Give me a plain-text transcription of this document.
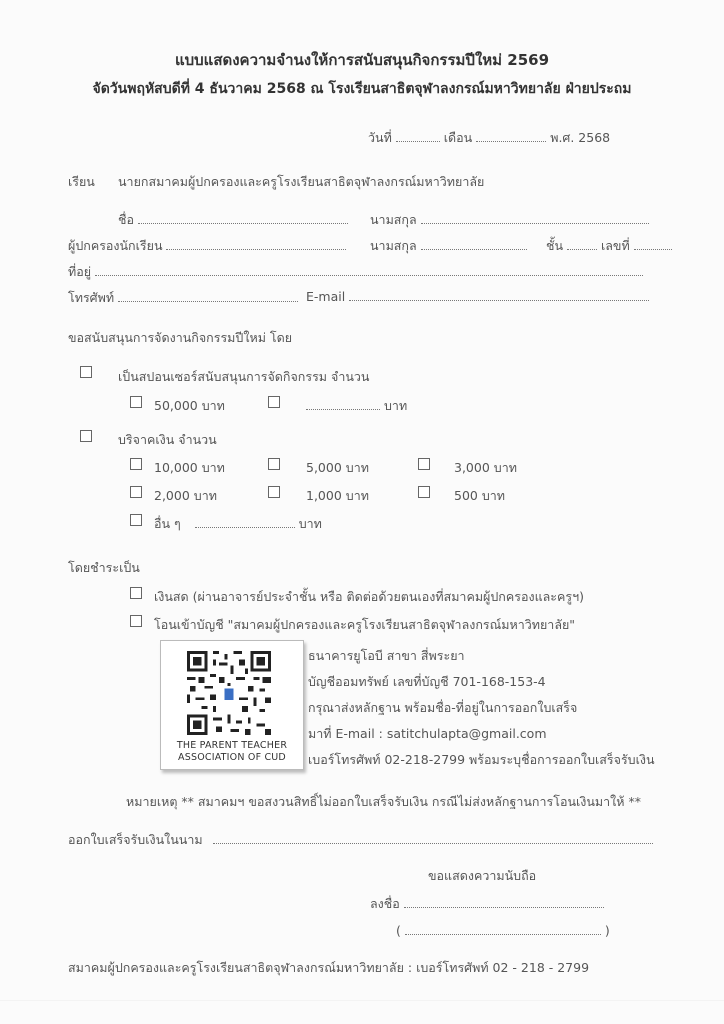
แบบแสดงความจำนงให้การสนับสนุนกิจกรรมปีใหม่ 2569
จัดวันพฤหัสบดีที่ 4 ธันวาคม 2568 ณ โรงเรียนสาธิตจุฬาลงกรณ์มหาวิทยาลัย ฝ่ายประถม
วันที่	เดือน	พ.ศ. 2568
เรียน นายกสมาคมผู้ปกครองและครูโรงเรียนสาธิตจุฬาลงกรณ์มหาวิทยาลัย
ชื่อ	นามสกุล
ผู้ปกครองนักเรียน	นามสกุล	ชั้น	เลขที่
ที่อยู่
โทรศัพท์	E-mail
ขอสนับสนุนการจัดงานกิจกรรมปีใหม่ โดย
เป็นสปอนเซอร์สนับสนุนการจัดกิจกรรม จำนวน
50,000 บาท	บาท
บริจาคเงิน จำนวน
10,000 บาท	5,000 บาท	3,000 บาท
2,000 บาท	1,000 บาท	500 บาท
อื่น ๆ	บาท
โดยชำระเป็น
เงินสด (ผ่านอาจารย์ประจำชั้น หรือ ติดต่อด้วยตนเองที่สมาคมผู้ปกครองและครูฯ)
โอนเข้าบัญชี "สมาคมผู้ปกครองและครูโรงเรียนสาธิตจุฬาลงกรณ์มหาวิทยาลัย"
THE PARENT TEACHER
ASSOCIATION OF CUD
ธนาคารยูโอบี สาขา สี่พระยา
บัญชีออมทรัพย์ เลขที่บัญชี 701-168-153-4
กรุณาส่งหลักฐาน พร้อมชื่อ-ที่อยู่ในการออกใบเสร็จ
มาที่ E-mail : satitchulapta@gmail.com
เบอร์โทรศัพท์ 02-218-2799 พร้อมระบุชื่อการออกใบเสร็จรับเงิน
หมายเหตุ ** สมาคมฯ ขอสงวนสิทธิ์ไม่ออกใบเสร็จรับเงิน กรณีไม่ส่งหลักฐานการโอนเงินมาให้ **
ออกใบเสร็จรับเงินในนาม
ขอแสดงความนับถือ
ลงชื่อ
(	)
สมาคมผู้ปกครองและครูโรงเรียนสาธิตจุฬาลงกรณ์มหาวิทยาลัย : เบอร์โทรศัพท์ 02 - 218 - 2799
